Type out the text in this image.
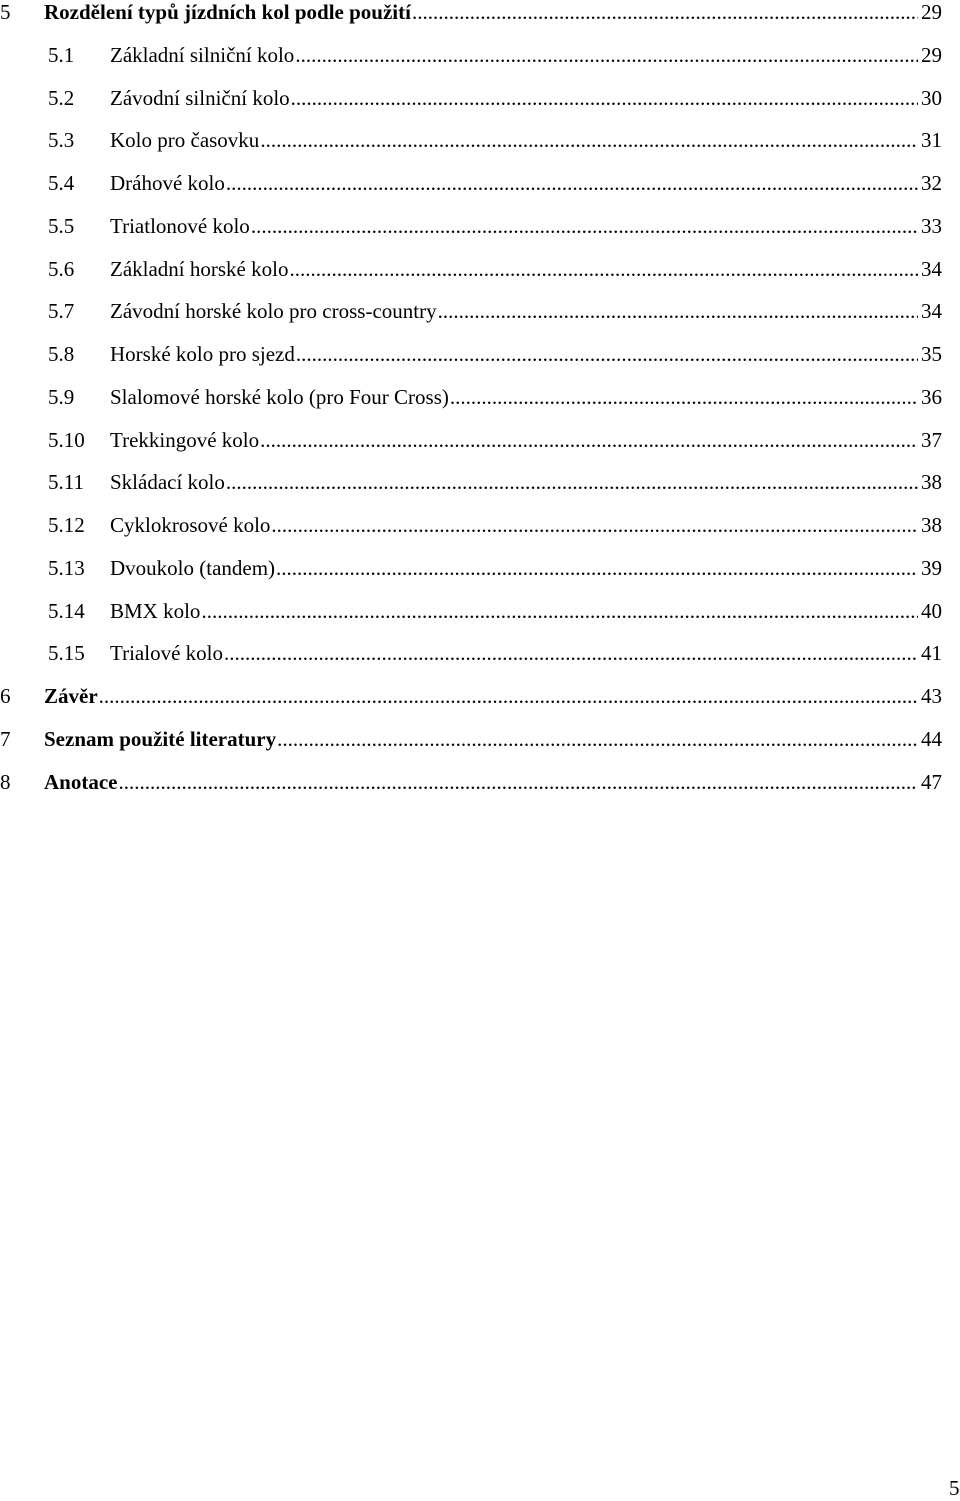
5	Rozdělení typů jízdních kol podle použití .....	29
5.1	Základní silniční kolo .....	29
5.2	Závodní silniční kolo .....	30
5.3	Kolo pro časovku .....	31
5.4	Dráhové kolo .....	32
5.5	Triatlonové kolo .....	33
5.6	Základní horské kolo .....	34
5.7	Závodní horské kolo pro cross-country .....	34
5.8	Horské kolo pro sjezd .....	35
5.9	Slalomové horské kolo (pro Four Cross) .....	36
5.10	Trekkingové kolo .....	37
5.11	Skládací kolo .....	38
5.12	Cyklokrosové kolo .....	38
5.13	Dvoukolo (tandem) .....	39
5.14	BMX kolo .....	40
5.15	Trialové kolo .....	41
6	Závěr .....	43
7	Seznam použité literatury .....	44
8	Anotace .....	47
5
